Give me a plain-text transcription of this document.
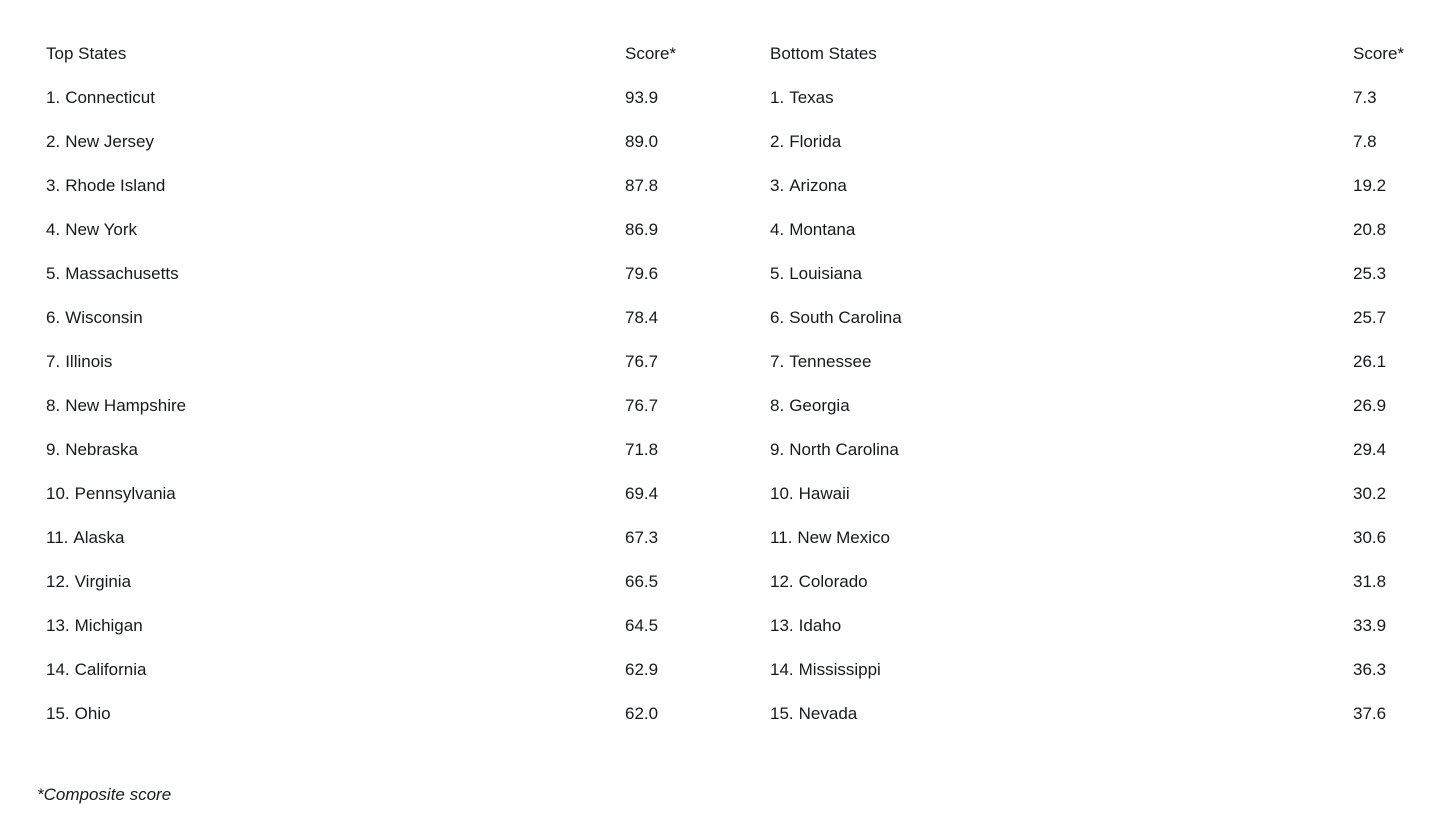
Top States	Score*	Bottom States	Score*
1. Connecticut	93.9	1. Texas	7.3
2. New Jersey	89.0	2. Florida	7.8
3. Rhode Island	87.8	3. Arizona	19.2
4. New York	86.9	4. Montana	20.8
5. Massachusetts	79.6	5. Louisiana	25.3
6. Wisconsin	78.4	6. South Carolina	25.7
7. Illinois	76.7	7. Tennessee	26.1
8. New Hampshire	76.7	8. Georgia	26.9
9. Nebraska	71.8	9. North Carolina	29.4
10. Pennsylvania	69.4	10. Hawaii	30.2
11. Alaska	67.3	11. New Mexico	30.6
12. Virginia	66.5	12. Colorado	31.8
13. Michigan	64.5	13. Idaho	33.9
14. California	62.9	14. Mississippi	36.3
15. Ohio	62.0	15. Nevada	37.6
*Composite score
